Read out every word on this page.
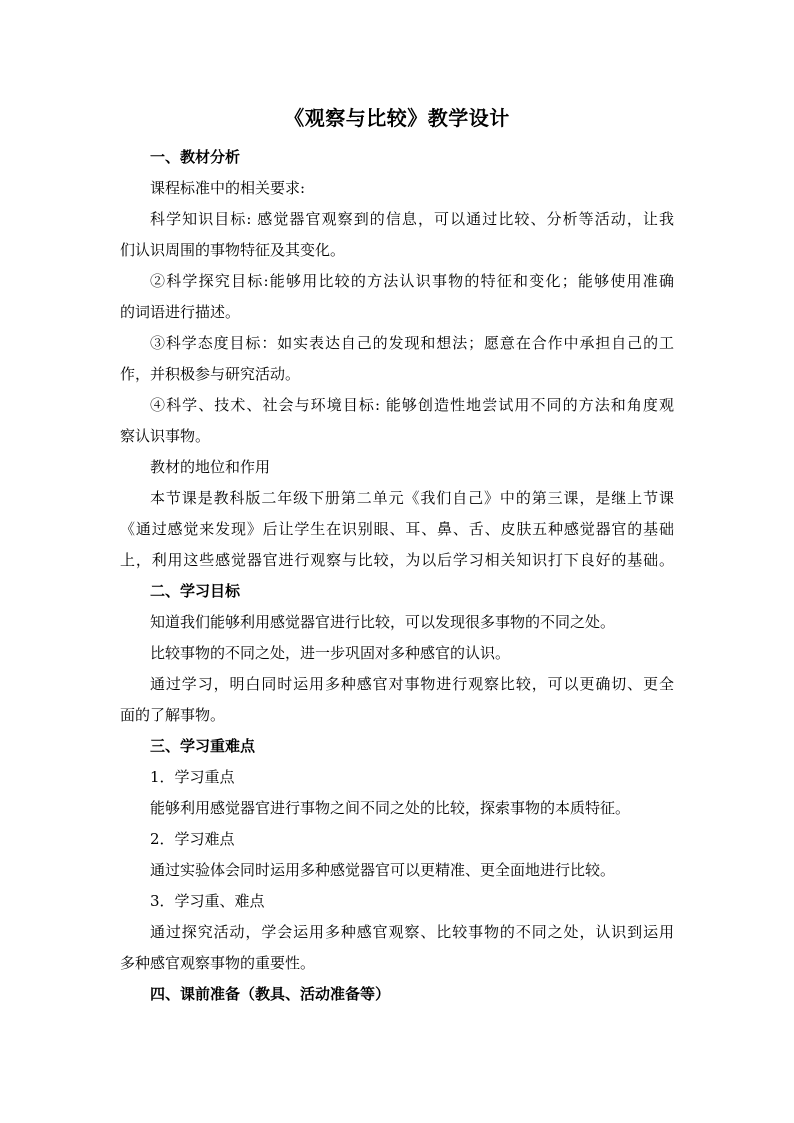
《观察与比较》教学设计
一、教材分析
课程标准中的相关要求:
科学知识目标: 感觉器官观察到的信息，可以通过比较、分析等活动，让我
们认识周围的事物特征及其变化。
②科学探究目标:能够用比较的方法认识事物的特征和变化；能够使用准确
的词语进行描述。
③科学态度目标：如实表达自己的发现和想法；愿意在合作中承担自己的工
作，并积极参与研究活动。
④科学、技术、社会与环境目标: 能够创造性地尝试用不同的方法和角度观
察认识事物。
教材的地位和作用
本节课是教科版二年级下册第二单元《我们自己》中的第三课，是继上节课
《通过感觉来发现》后让学生在识别眼、耳、鼻、舌、皮肤五种感觉器官的基础
上，利用这些感觉器官进行观察与比较，为以后学习相关知识打下良好的基础。
二、学习目标
知道我们能够利用感觉器官进行比较，可以发现很多事物的不同之处。
比较事物的不同之处，进一步巩固对多种感官的认识。
通过学习，明白同时运用多种感官对事物进行观察比较，可以更确切、更全
面的了解事物。
三、学习重难点
1．学习重点
能够利用感觉器官进行事物之间不同之处的比较，探索事物的本质特征。
2．学习难点
通过实验体会同时运用多种感觉器官可以更精准、更全面地进行比较。
3．学习重、难点
通过探究活动，学会运用多种感官观察、比较事物的不同之处，认识到运用
多种感官观察事物的重要性。
四、课前准备（教具、活动准备等）
